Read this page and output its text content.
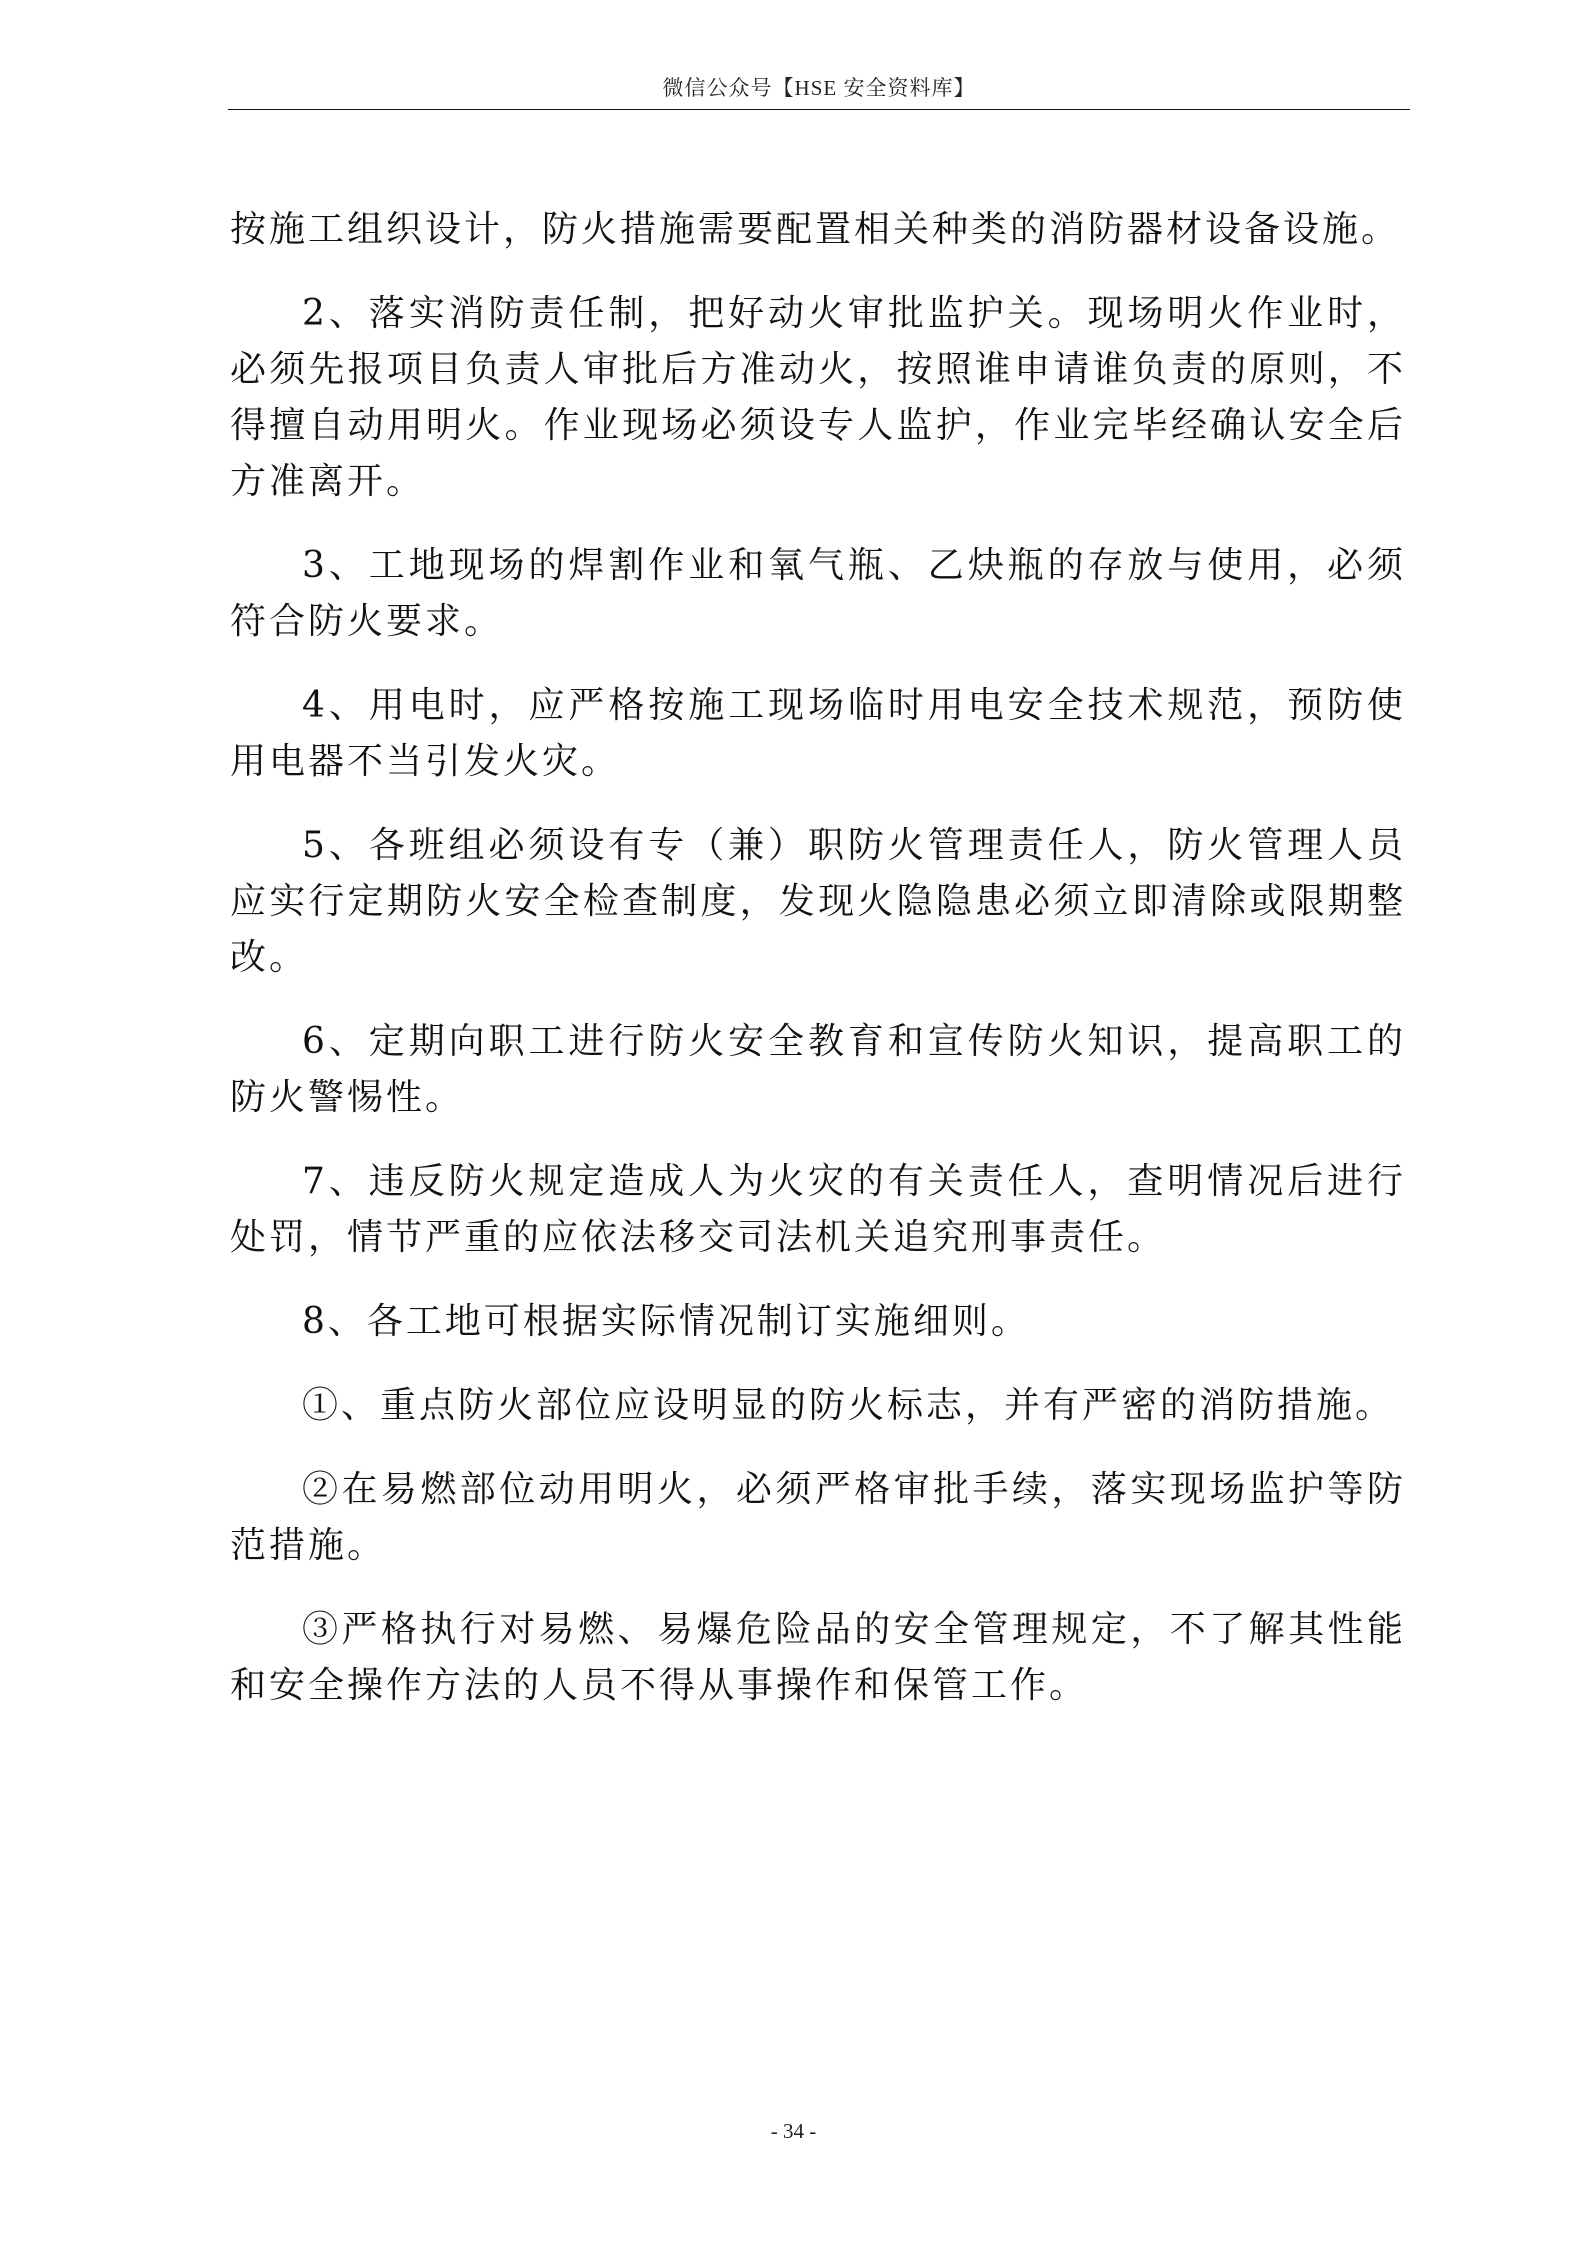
微信公众号【HSE 安全资料库】

按施工组织设计，防火措施需要配置相关种类的消防器材设备设施。

2、落实消防责任制，把好动火审批监护关。现场明火作业时，必须先报项目负责人审批后方准动火，按照谁申请谁负责的原则，不得擅自动用明火。作业现场必须设专人监护，作业完毕经确认安全后方准离开。

3、工地现场的焊割作业和氧气瓶、乙炔瓶的存放与使用，必须符合防火要求。

4、用电时，应严格按施工现场临时用电安全技术规范，预防使用电器不当引发火灾。

5、各班组必须设有专（兼）职防火管理责任人，防火管理人员应实行定期防火安全检查制度，发现火隐隐患必须立即清除或限期整改。

6、定期向职工进行防火安全教育和宣传防火知识，提高职工的防火警惕性。

7、违反防火规定造成人为火灾的有关责任人，查明情况后进行处罚，情节严重的应依法移交司法机关追究刑事责任。

8、各工地可根据实际情况制订实施细则。

①、重点防火部位应设明显的防火标志，并有严密的消防措施。

②在易燃部位动用明火，必须严格审批手续，落实现场监护等防范措施。

③严格执行对易燃、易爆危险品的安全管理规定，不了解其性能和安全操作方法的人员不得从事操作和保管工作。

- 34 -
